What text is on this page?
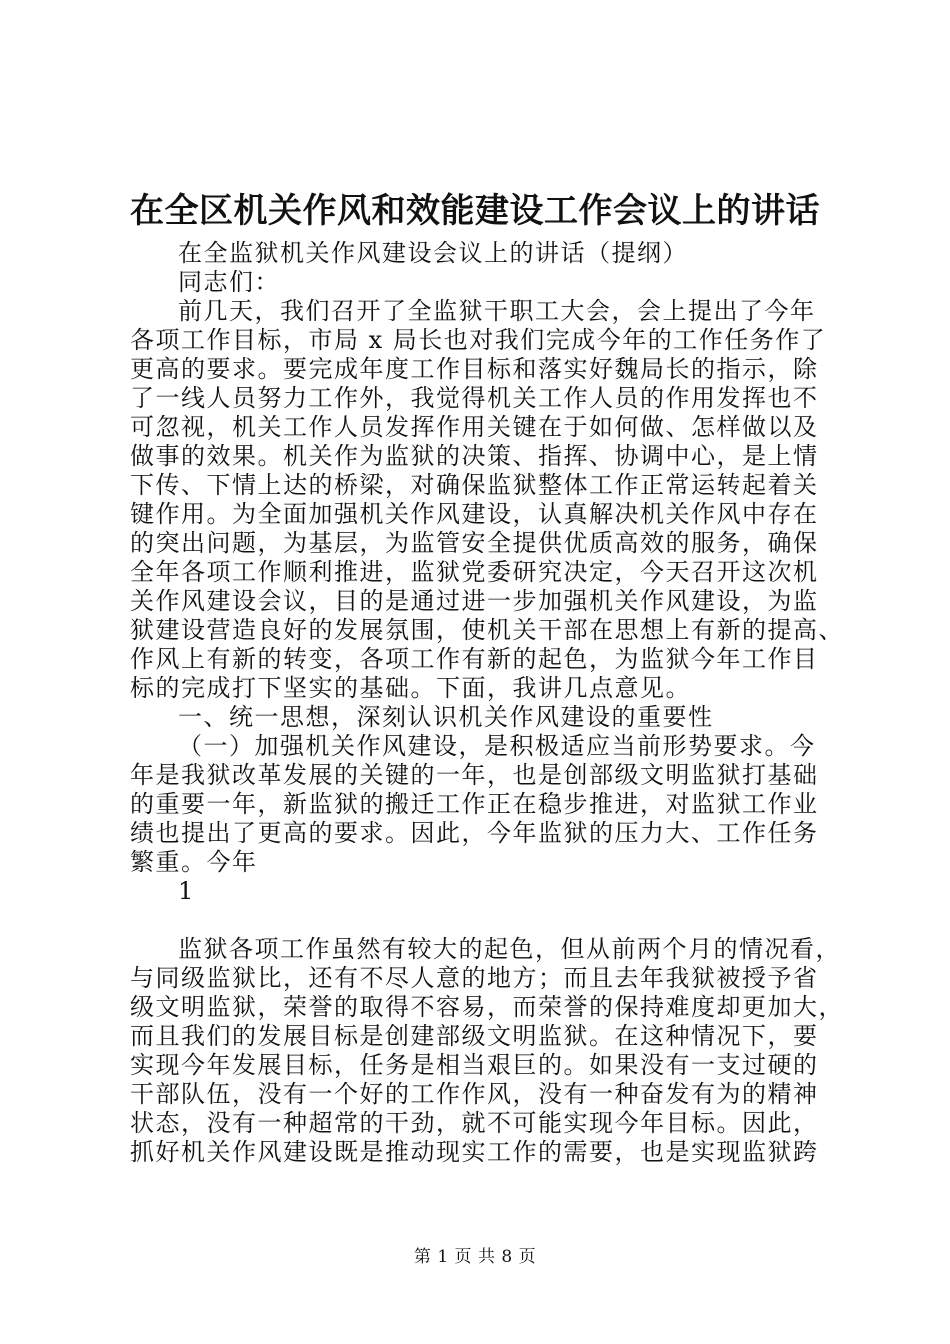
在全区机关作风和效能建设工作会议上的讲话
在全监狱机关作风建设会议上的讲话（提纲）
同志们：
前几天，我们召开了全监狱干职工大会，会上提出了今年
各项工作目标，市局 x 局长也对我们完成今年的工作任务作了
更高的要求。要完成年度工作目标和落实好魏局长的指示，除
了一线人员努力工作外，我觉得机关工作人员的作用发挥也不
可忽视，机关工作人员发挥作用关键在于如何做、怎样做以及
做事的效果。机关作为监狱的决策、指挥、协调中心，是上情
下传、下情上达的桥梁，对确保监狱整体工作正常运转起着关
键作用。为全面加强机关作风建设，认真解决机关作风中存在
的突出问题，为基层，为监管安全提供优质高效的服务，确保
全年各项工作顺利推进，监狱党委研究决定，今天召开这次机
关作风建设会议，目的是通过进一步加强机关作风建设，为监
狱建设营造良好的发展氛围，使机关干部在思想上有新的提高、
作风上有新的转变，各项工作有新的起色，为监狱今年工作目
标的完成打下坚实的基础。下面，我讲几点意见。
一、统一思想，深刻认识机关作风建设的重要性
（一）加强机关作风建设，是积极适应当前形势要求。今
年是我狱改革发展的关键的一年，也是创部级文明监狱打基础
的重要一年，新监狱的搬迁工作正在稳步推进，对监狱工作业
绩也提出了更高的要求。因此，今年监狱的压力大、工作任务
繁重。今年
1
监狱各项工作虽然有较大的起色，但从前两个月的情况看，
与同级监狱比，还有不尽人意的地方；而且去年我狱被授予省
级文明监狱，荣誉的取得不容易，而荣誉的保持难度却更加大，
而且我们的发展目标是创建部级文明监狱。在这种情况下，要
实现今年发展目标，任务是相当艰巨的。如果没有一支过硬的
干部队伍，没有一个好的工作作风，没有一种奋发有为的精神
状态，没有一种超常的干劲，就不可能实现今年目标。因此，
抓好机关作风建设既是推动现实工作的需要，也是实现监狱跨
第 1 页 共 8 页
